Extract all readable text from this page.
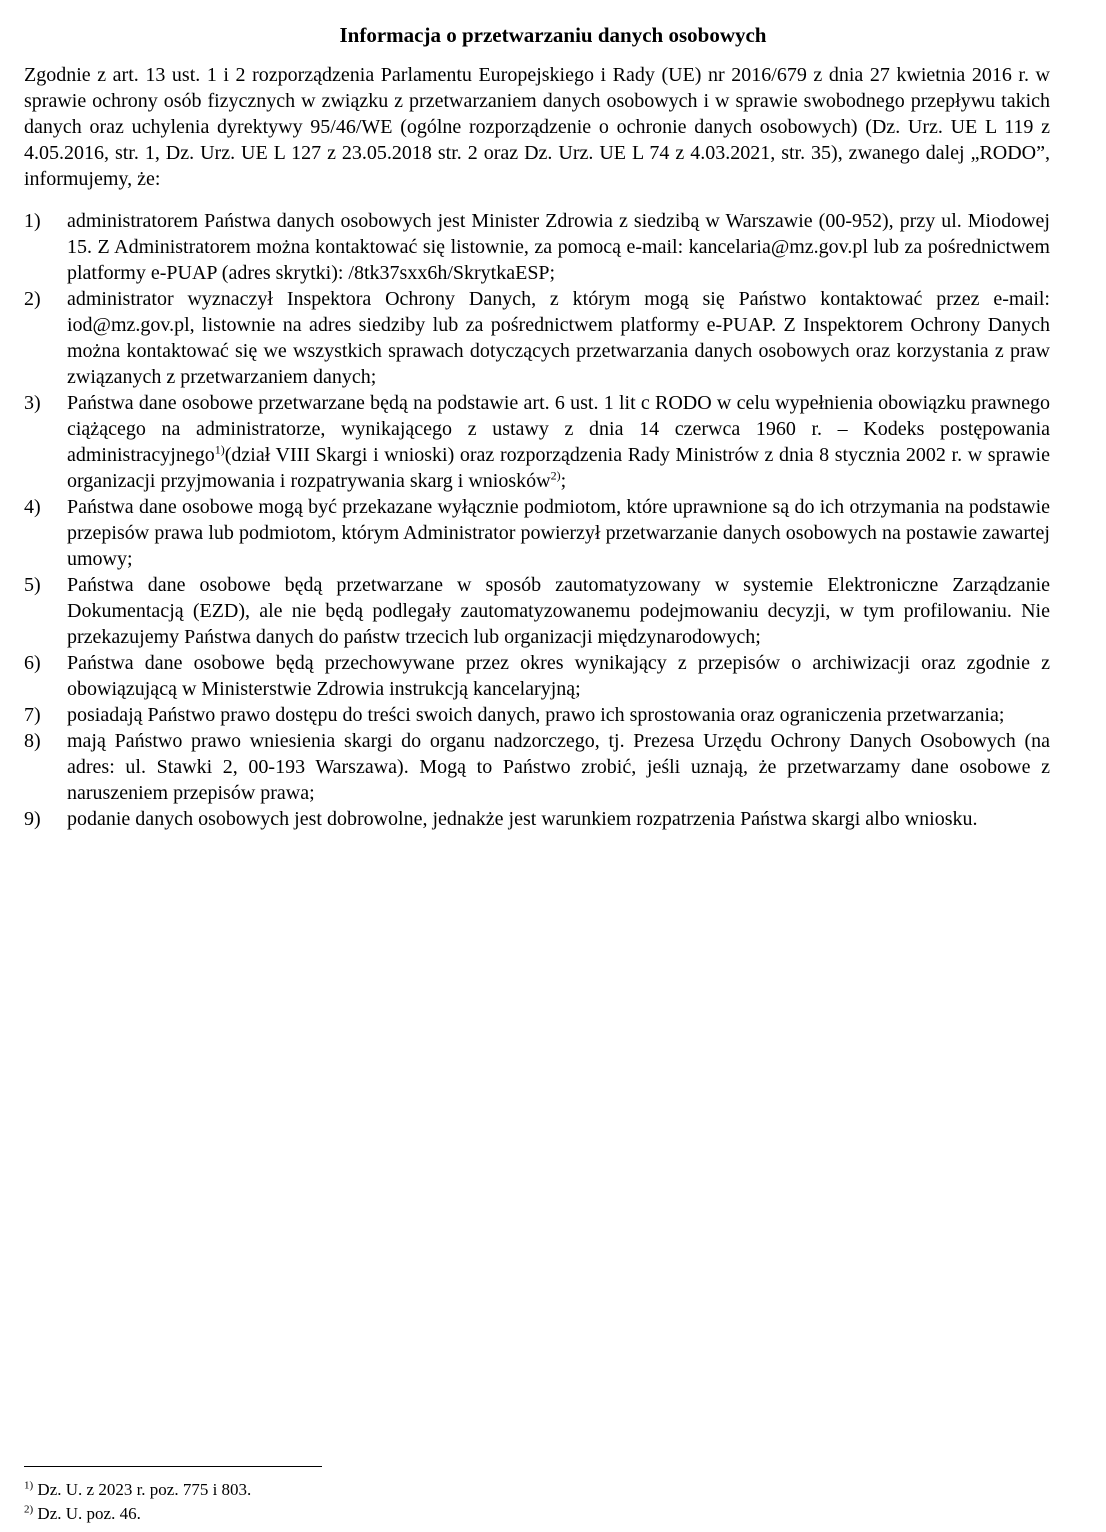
Informacja o przetwarzaniu danych osobowych

Zgodnie z art. 13 ust. 1 i 2 rozporządzenia Parlamentu Europejskiego i Rady (UE) nr 2016/679 z dnia 27 kwietnia 2016 r. w sprawie ochrony osób fizycznych w związku z przetwarzaniem danych osobowych i w sprawie swobodnego przepływu takich danych oraz uchylenia dyrektywy 95/46/WE (ogólne rozporządzenie o ochronie danych osobowych) (Dz. Urz. UE L 119 z 4.05.2016, str. 1, Dz. Urz. UE L 127 z 23.05.2018 str. 2 oraz Dz. Urz. UE L 74 z 4.03.2021, str. 35), zwanego dalej „RODO”, informujemy, że:

1)	administratorem Państwa danych osobowych jest Minister Zdrowia z siedzibą w Warszawie (00-952), przy ul. Miodowej 15. Z Administratorem można kontaktować się listownie, za pomocą e-mail: kancelaria@mz.gov.pl lub za pośrednictwem platformy e-PUAP (adres skrytki): /8tk37sxx6h/SkrytkaESP;
2)	administrator wyznaczył Inspektora Ochrony Danych, z którym mogą się Państwo kontaktować przez e-mail: iod@mz.gov.pl, listownie na adres siedziby lub za pośrednictwem platformy e-PUAP. Z Inspektorem Ochrony Danych można kontaktować się we wszystkich sprawach dotyczących przetwarzania danych osobowych oraz korzystania z praw związanych z przetwarzaniem danych;
3)	Państwa dane osobowe przetwarzane będą na podstawie art. 6 ust. 1 lit c RODO w celu wypełnienia obowiązku prawnego ciążącego na administratorze, wynikającego z ustawy z dnia 14 czerwca 1960 r. – Kodeks postępowania administracyjnego$^{1)}$(dział VIII Skargi i wnioski) oraz rozporządzenia Rady Ministrów z dnia 8 stycznia 2002 r. w sprawie organizacji przyjmowania i rozpatrywania skarg i wniosków$^{2)}$;
4)	Państwa dane osobowe mogą być przekazane wyłącznie podmiotom, które uprawnione są do ich otrzymania na podstawie przepisów prawa lub podmiotom, którym Administrator powierzył przetwarzanie danych osobowych na postawie zawartej umowy;
5)	Państwa dane osobowe będą przetwarzane w sposób zautomatyzowany w systemie Elektroniczne Zarządzanie Dokumentacją (EZD), ale nie będą podlegały zautomatyzowanemu podejmowaniu decyzji, w tym profilowaniu. Nie przekazujemy Państwa danych do państw trzecich lub organizacji międzynarodowych;
6)	Państwa dane osobowe będą przechowywane przez okres wynikający z przepisów o archiwizacji oraz zgodnie z obowiązującą w Ministerstwie Zdrowia instrukcją kancelaryjną;
7)	posiadają Państwo prawo dostępu do treści swoich danych, prawo ich sprostowania oraz ograniczenia przetwarzania;
8)	mają Państwo prawo wniesienia skargi do organu nadzorczego, tj. Prezesa Urzędu Ochrony Danych Osobowych (na adres: ul. Stawki 2, 00-193 Warszawa). Mogą to Państwo zrobić, jeśli uznają, że przetwarzamy dane osobowe z naruszeniem przepisów prawa;
9)	podanie danych osobowych jest dobrowolne, jednakże jest warunkiem rozpatrzenia Państwa skargi albo wniosku.
$^{1)}$ Dz. U. z 2023 r. poz. 775 i 803.
$^{2)}$ Dz. U. poz. 46.
